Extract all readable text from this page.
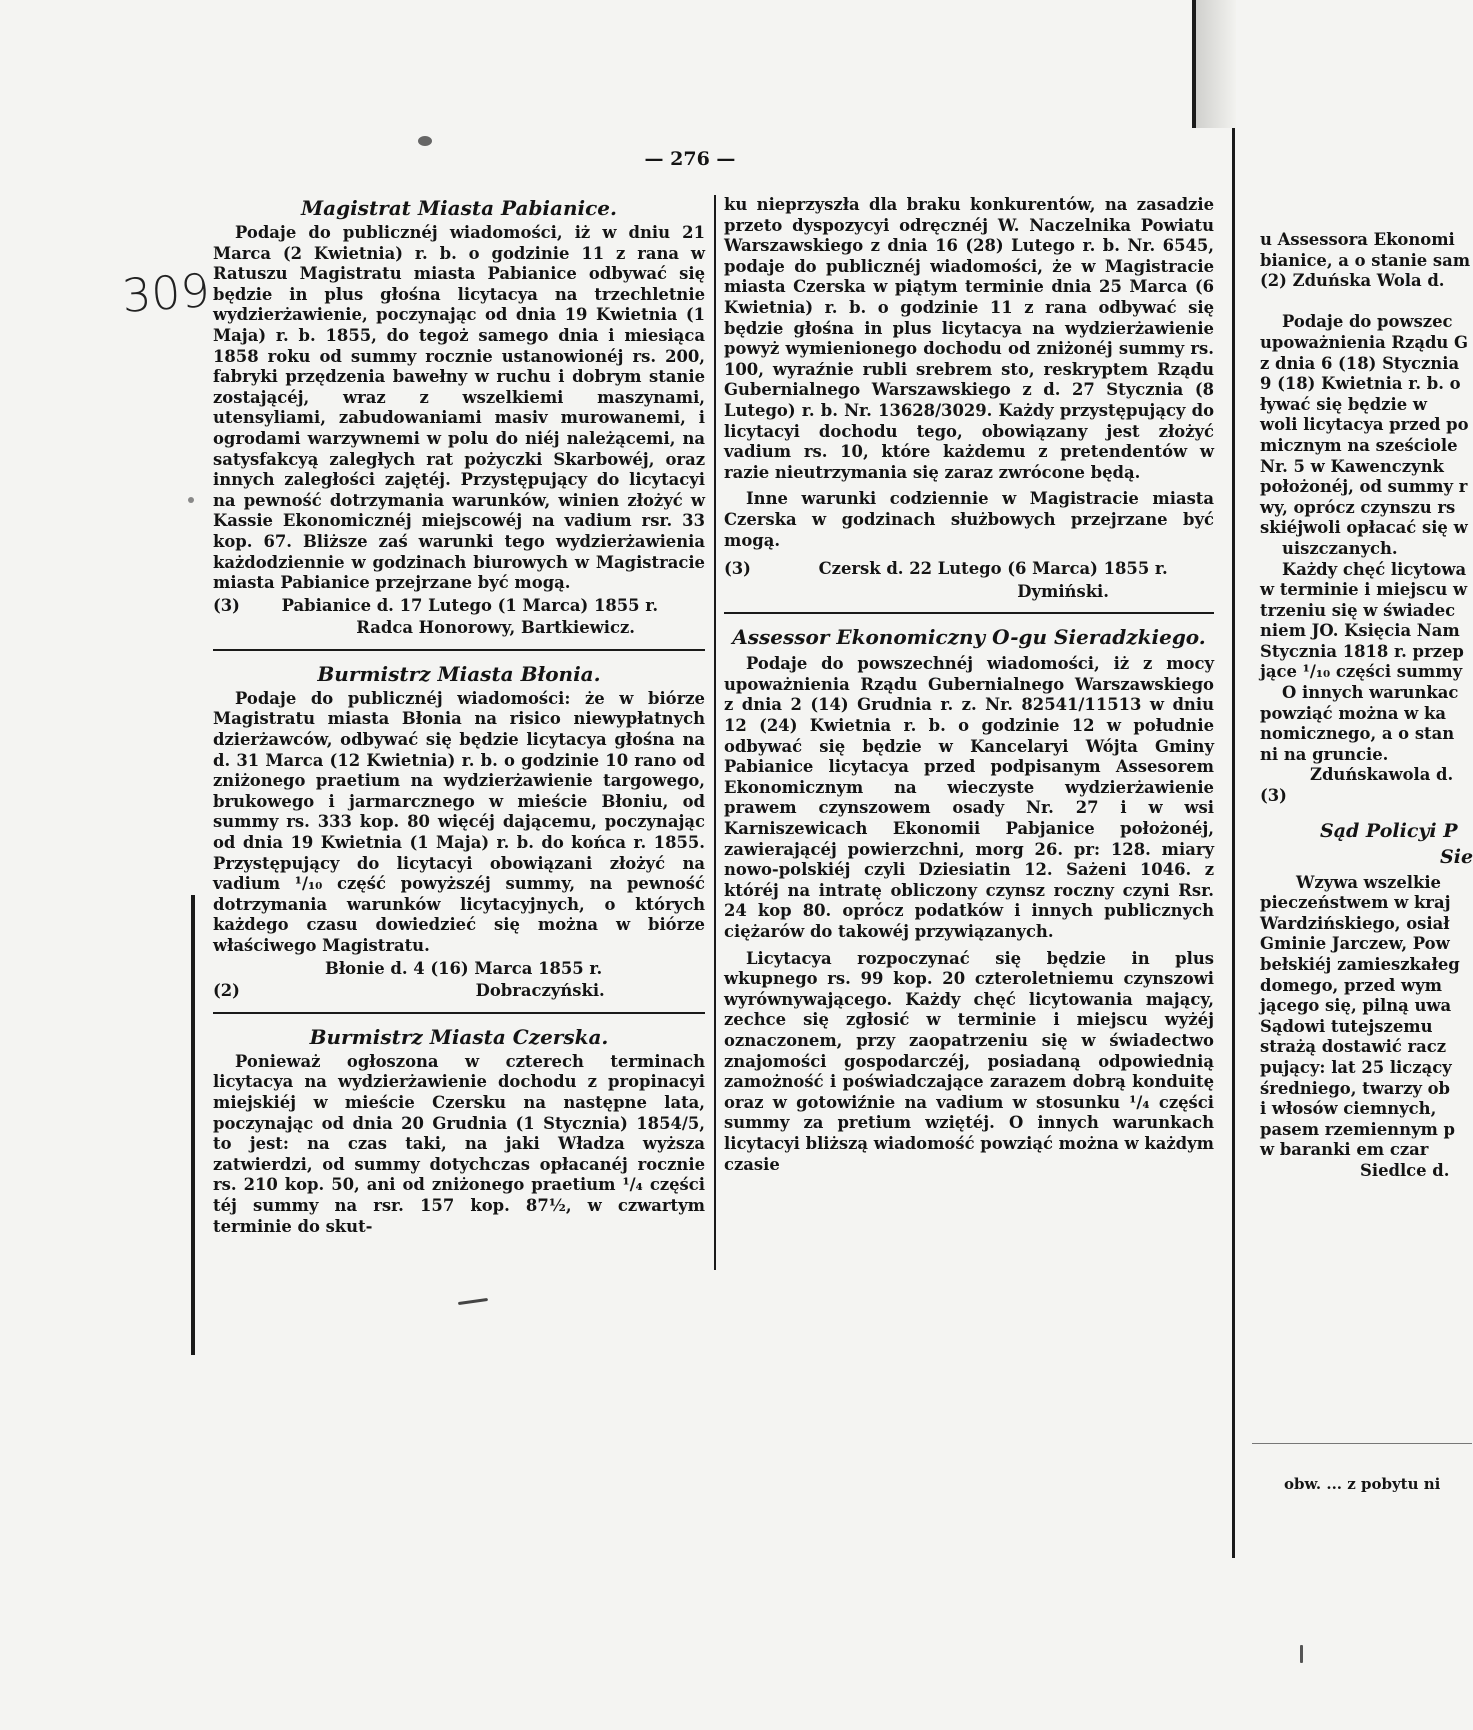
— 276 —
309
Magistrat Miasta Pabianice.

Podaje do publicznéj wiadomości, iż w dniu 21 Marca (2 Kwietnia) r. b. o godzinie 11 z rana w Ratuszu Magistratu miasta Pabianice odbywać się będzie in plus głośna licytacya na trzechletnie wydzierżawienie, poczynając od dnia 19 Kwietnia (1 Maja) r. b. 1855, do tegoż samego dnia i miesiąca 1858 roku od summy rocznie ustanowionéj rs. 200, fabryki przędzenia bawełny w ruchu i dobrym stanie zostającéj, wraz z wszelkiemi maszynami, utensyliami, zabudowaniami masiv murowanemi, i ogrodami warzywnemi w polu do niéj należącemi, na satysfakcyą zaległych rat pożyczki Skarbowéj, oraz innych zaległości zajętéj. Przystępujący do licytacyi na pewność dotrzymania warunków, winien złożyć w Kassie Ekonomicznéj miejscowéj na vadium rsr. 33 kop. 67. Bliższe zaś warunki tego wydzierżawienia każdodziennie w godzinach biurowych w Magistracie miasta Pabianice przejrzane być mogą.

(3)	Pabianice d. 17 Lutego (1 Marca) 1855 r.
Radca Honorowy, Bartkiewicz.
Burmistrz Miasta Błonia.

Podaje do publicznéj wiadomości: że w biórze Magistratu miasta Błonia na risico niewypłatnych dzierżawców, odbywać się będzie licytacya głośna na d. 31 Marca (12 Kwietnia) r. b. o godzinie 10 rano od zniżonego praetium na wydzierżawienie targowego, brukowego i jarmarcznego w mieście Błoniu, od summy rs. 333 kop. 80 więcéj dającemu, poczynając od dnia 19 Kwietnia (1 Maja) r. b. do końca r. 1855. Przystępujący do licytacyi obowiązani złożyć na vadium ¹/₁₀ część powyższéj summy, na pewność dotrzymania warunków licytacyjnych, o których każdego czasu dowiedzieć się można w biórze właściwego Magistratu.

Błonie d. 4 (16) Marca 1855 r.
(2)	Dobraczyński.
Burmistrz Miasta Czerska.

Ponieważ ogłoszona w czterech terminach licytacya na wydzierżawienie dochodu z propinacyi miejskiéj w mieście Czersku na następne lata, poczynając od dnia 20 Grudnia (1 Stycznia) 1854/5, to jest: na czas taki, na jaki Władza wyższa zatwierdzi, od summy dotychczas opłacanéj rocznie rs. 210 kop. 50, ani od zniżonego praetium ¹/₄ części téj summy na rsr. 157 kop. 87½, w czwartym terminie do skut-

ku nieprzyszła dla braku konkurentów, na zasadzie przeto dyspozycyi odręcznéj W. Naczelnika Powiatu Warszawskiego z dnia 16 (28) Lutego r. b. Nr. 6545, podaje do publicznéj wiadomości, że w Magistracie miasta Czerska w piątym terminie dnia 25 Marca (6 Kwietnia) r. b. o godzinie 11 z rana odbywać się będzie głośna in plus licytacya na wydzierżawienie powyż wymienionego dochodu od zniżonéj summy rs. 100, wyraźnie rubli srebrem sto, reskryptem Rządu Gubernialnego Warszawskiego z d. 27 Stycznia (8 Lutego) r. b. Nr. 13628/3029. Każdy przystępujący do licytacyi dochodu tego, obowiązany jest złożyć vadium rs. 10, które każdemu z pretendentów w razie nieutrzymania się zaraz zwrócone będą.

Inne warunki codziennie w Magistracie miasta Czerska w godzinach służbowych przejrzane być mogą.

(3)	Czersk d. 22 Lutego (6 Marca) 1855 r.
Dymiński.
Assessor Ekonomiczny O-gu Sieradzkiego.

Podaje do powszechnéj wiadomości, iż z mocy upoważnienia Rządu Gubernialnego Warszawskiego z dnia 2 (14) Grudnia r. z. Nr. 82541/11513 w dniu 12 (24) Kwietnia r. b. o godzinie 12 w południe odbywać się będzie w Kancelaryi Wójta Gminy Pabianice licytacya przed podpisanym Assesorem Ekonomicznym na wieczyste wydzierżawienie prawem czynszowem osady Nr. 27 i w wsi Karniszewicach Ekonomii Pabjanice położonéj, zawierającéj powierzchni, morg 26. pr: 128. miary nowo-polskiéj czyli Dziesiatin 12. Sażeni 1046. z któréj na intratę obliczony czynsz roczny czyni Rsr. 24 kop 80. oprócz podatków i innych publicznych ciężarów do takowéj przywiązanych.

Licytacya rozpoczynać się będzie in plus wkupnego rs. 99 kop. 20 czteroletniemu czynszowi wyrównywającego. Każdy chęć licytowania mający, zechce się zgłosić w terminie i miejscu wyżéj oznaczonem, przy zaopatrzeniu się w świadectwo znajomości gospodarczéj, posiadaną odpowiednią zamożność i poświadczające zarazem dobrą konduitę oraz w gotowiźnie na vadium w stosunku ¹/₄ części summy za pretium wziętéj. O innych warunkach licytacyi bliższą wiadomość powziąć można w każdym czasie

u Assessora Ekonomi
bianice, a o stanie sam
(2) Zduńska Wola d.
Podaje do powszec
upoważnienia Rządu G
z dnia 6 (18) Stycznia
9 (18) Kwietnia r. b. o
ływać się będzie w
woli licytacya przed po
micznym na sześciole
Nr. 5 w Kawenczynk
położonéj, od summy r
wy, oprócz czynszu rs
skiéjwoli opłacać się w
uiszczanych.
Każdy chęć licytowa
w terminie i miejscu w
trzeniu się w świadec
niem JO. Księcia Nam
Stycznia 1818 r. przep
jące ¹/₁₀ części summy
O innych warunkac
powziąć można w ka
nomicznego, a o stan
ni na gruncie.
Zduńskawola d.
(3)
Sąd Policyi P
Sie
Wzywa wszelkie
pieczeństwem w kraj
Wardzińskiego, osiał
Gminie Jarczew, Pow
bełskiéj zamieszkałeg
domego, przed wym
jącego się, pilną uwa
Sądowi tutejszemu
strażą dostawić racz
pujący: lat 25 liczący
średniego, twarzy ob
i włosów ciemnych,
pasem rzemiennym p
w baranki em czar
Siedlce d.
obw. ... z pobytu ni
